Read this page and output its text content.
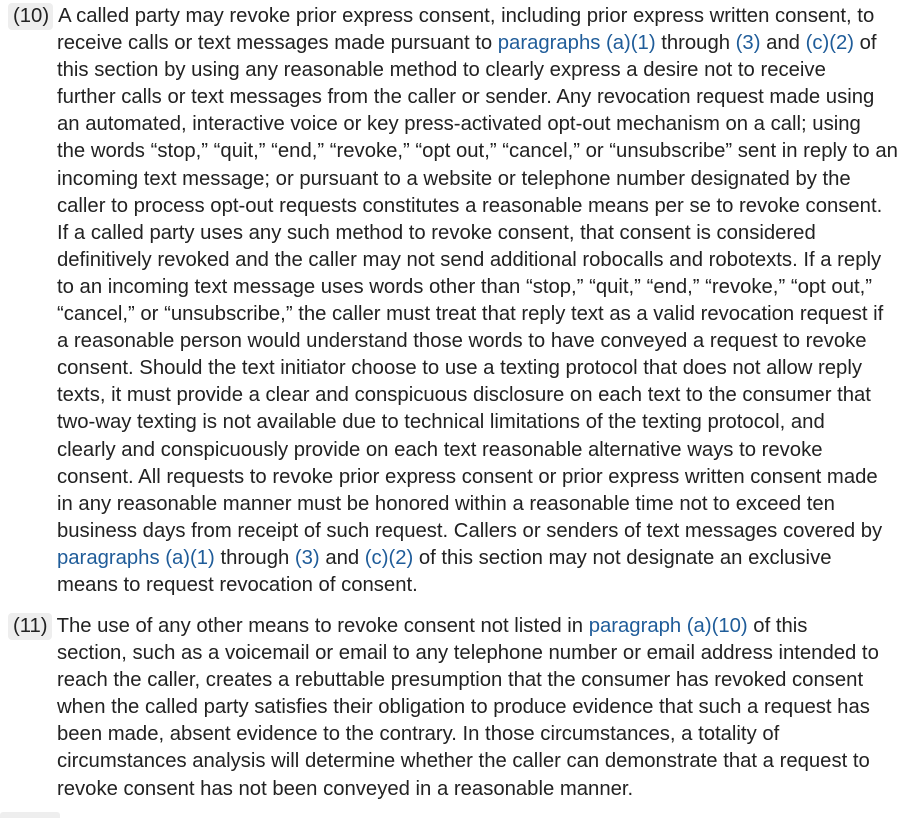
(10) A called party may revoke prior express consent, including prior express written consent, to
receive calls or text messages made pursuant to paragraphs (a)(1) through (3) and (c)(2) of
this section by using any reasonable method to clearly express a desire not to receive
further calls or text messages from the caller or sender. Any revocation request made using
an automated, interactive voice or key press-activated opt-out mechanism on a call; using
the words “stop,” “quit,” “end,” “revoke,” “opt out,” “cancel,” or “unsubscribe” sent in reply to an
incoming text message; or pursuant to a website or telephone number designated by the
caller to process opt-out requests constitutes a reasonable means per se to revoke consent.
If a called party uses any such method to revoke consent, that consent is considered
definitively revoked and the caller may not send additional robocalls and robotexts. If a reply
to an incoming text message uses words other than “stop,” “quit,” “end,” “revoke,” “opt out,”
“cancel,” or “unsubscribe,” the caller must treat that reply text as a valid revocation request if
a reasonable person would understand those words to have conveyed a request to revoke
consent. Should the text initiator choose to use a texting protocol that does not allow reply
texts, it must provide a clear and conspicuous disclosure on each text to the consumer that
two-way texting is not available due to technical limitations of the texting protocol, and
clearly and conspicuously provide on each text reasonable alternative ways to revoke
consent. All requests to revoke prior express consent or prior express written consent made
in any reasonable manner must be honored within a reasonable time not to exceed ten
business days from receipt of such request. Callers or senders of text messages covered by
paragraphs (a)(1) through (3) and (c)(2) of this section may not designate an exclusive
means to request revocation of consent.
(11) The use of any other means to revoke consent not listed in paragraph (a)(10) of this
section, such as a voicemail or email to any telephone number or email address intended to
reach the caller, creates a rebuttable presumption that the consumer has revoked consent
when the called party satisfies their obligation to produce evidence that such a request has
been made, absent evidence to the contrary. In those circumstances, a totality of
circumstances analysis will determine whether the caller can demonstrate that a request to
revoke consent has not been conveyed in a reasonable manner.
